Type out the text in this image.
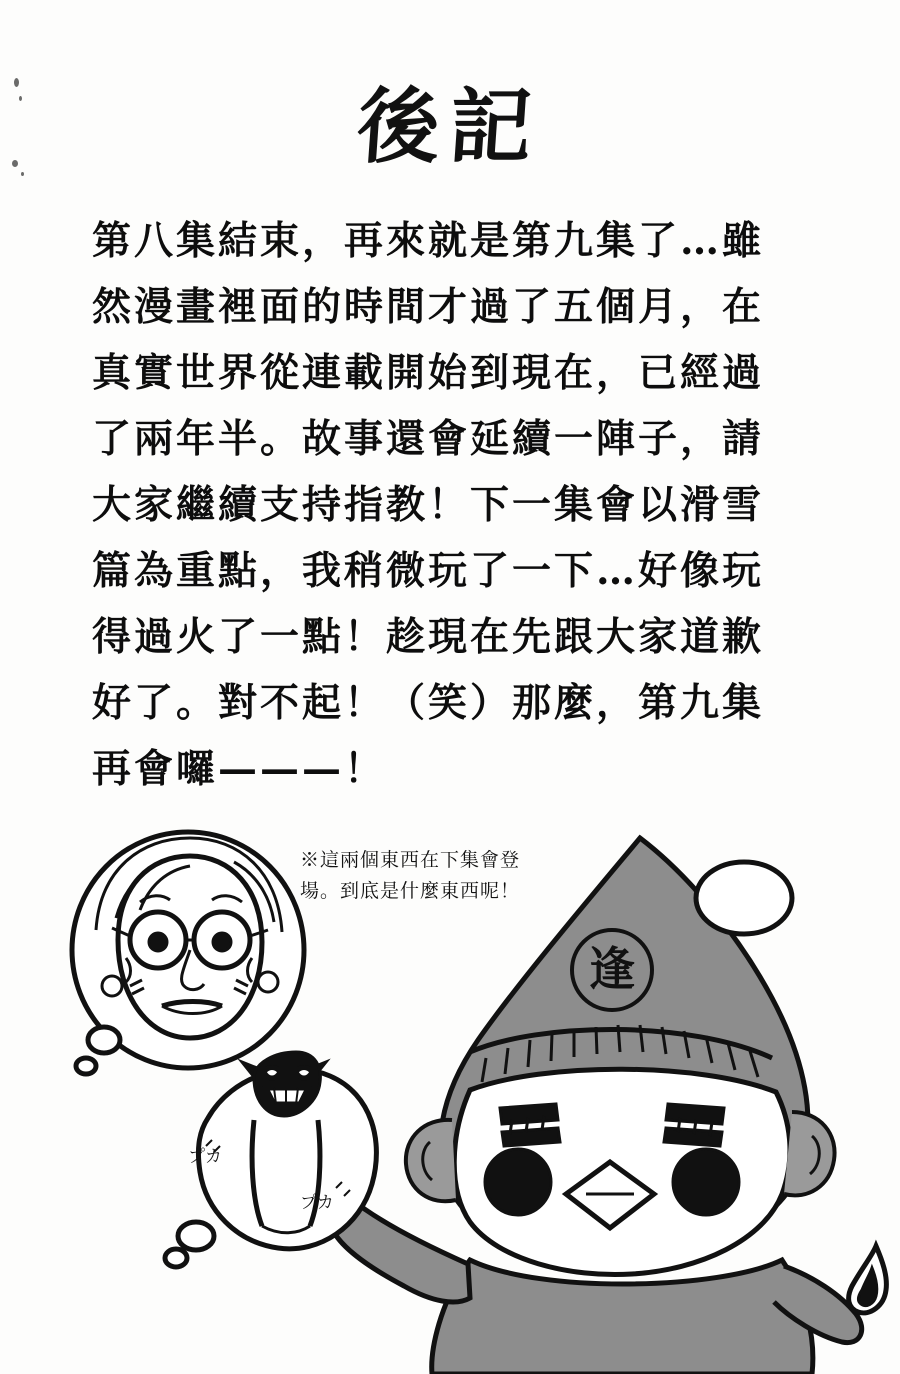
後記
第八集結束，再來就是第九集了…雖然漫畫裡面的時間才過了五個月，在真實世界從連載開始到現在，已經過了兩年半。故事還會延續一陣子，請大家繼續支持指教！下一集會以滑雪篇為重點，我稍微玩了一下…好像玩得過火了一點！趁現在先跟大家道歉好了。對不起！（笑）那麼，第九集再會囉———！
※這兩個東西在下集會登場。到底是什麼東西呢！
逢
プカ
プカ
